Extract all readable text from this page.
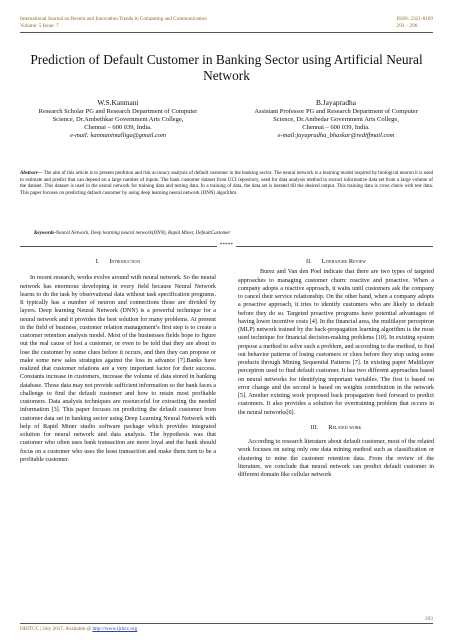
International Journal on Recent and Innovation Trends in Computing and Communication
Volume: 5 Issue: 7
ISSN: 2321-8169
293 – 296
Prediction of Default Customer in Banking Sector using Artificial Neural Network
W.S.Kanmani
Research Scholar PG and Research Department of Computer
Science, Dr.Ambethkar Government Arts College,
Chennai – 600 039, India.
e-mail: kanmanimalliga@gmail.com
B.Jayapradha
Assistant Professor PG and Research Department of Computer
Science, Dr.Ambedar Government Arts College,
Chennai – 600 039, India.
e-mail:jayapradha_bhaskar@rediffmail.com
Abstract— The aim of this article is to present perdition and risk accuracy analysis of default customer in the banking sector. The neural network is a learning model inspired by biological neuron it is used to estimate and predict that can depend on a large number of inputs. The bank customer dataset from UCI repository, used for data analysis method to extract informative data set from a large volume of the dataset. This dataset is used in the neural network for training data and testing data. In a training of data, the data set is iterated till the desired output. This training data is cross check with test data. This paper focuses on predicting default customer by using deep learning neural network (DNN) algorithm.
Keywords-Neural Network, Deep learning neural network(DNN), Rapid Miner, DefaultCustomer
*****
I. Introduction

In recent research, works evolve around with neural network. So the neural network has enormous developing in every field because Neural Network learns to do the task by observational data without task specification programs. It typically has a number of neuron and connections those are divided by layers. Deep learning Neural Network (DNN) is a powerful technique for a neural network and it provides the best solution for many problems. At present in the field of business, customer relation management’s first step is to create a customer retention analysis model. Most of the businesses fields hope to figure out the real cause of lost a customer, or even to be told that they are about to lose the customer by some clues before it occurs, and then they can propose or make some new sales strategies against the loss in advance [7].Banks have realized that customer relations are a very important factor for their success. Constants increase in customers, increase the volume of data stored in banking database. Those data may not provide sufficient information so the bank faces a challenge to find the default customer and how to retain most profitable customers. Data analysis techniques are resourceful for extracting the needed information [3]. This paper focuses on predicting the default customer from customer data set in banking sector using Deep Learning Neural Network with help of Rapid Miner studio software package which provides integrated solution for neural network and data analysis. The hypothesis was that customer who often uses bank transaction are more loyal and the bank should focus on a customer who uses the least transaction and make them turn to be a profitable customer.

II. Literature Review

Burez and Van den Poel indicate that there are two types of targeted approaches to managing customer churn: reactive and proactive. When a company adopts a reactive approach, it waits until customers ask the company to cancel their service relationship. On the other hand, when a company adopts a proactive approach, it tries to identify customers who are likely to default before they do so. Targeted proactive programs have potential advantages of having lower incentive costs [4]. In the financial area, the multilayer perceptron (MLP) network trained by the back-propagation learning algorithm is the most used technique for financial decision-making problems [10]. In existing system propose a method to solve such a problem, and according to the method, to find out behavior patterns of losing customers or clues before they stop using some products through Mining Sequential Patterns [7]. In existing paper Multilayer perceptron used to find default customer. It has two different approaches based on neural networks for identifying important variables. The first is based on error change and the second is based on weights contribution in the network [5]. Another existing work proposed back propagation feed forward to predict customers. It also provides a solution for overtraining problem that occurs in the neural networks[6].

III. Related work

According to research literature about default customer, most of the related work focuses on using only one data mining method such as classification or clustering to mine the customer retention data. From the review of the literature, we conclude that neural network can predict default customer in different domain like cellular network

293
IJRITCC | July 2017, Available @ http://www.ijritcc.org
